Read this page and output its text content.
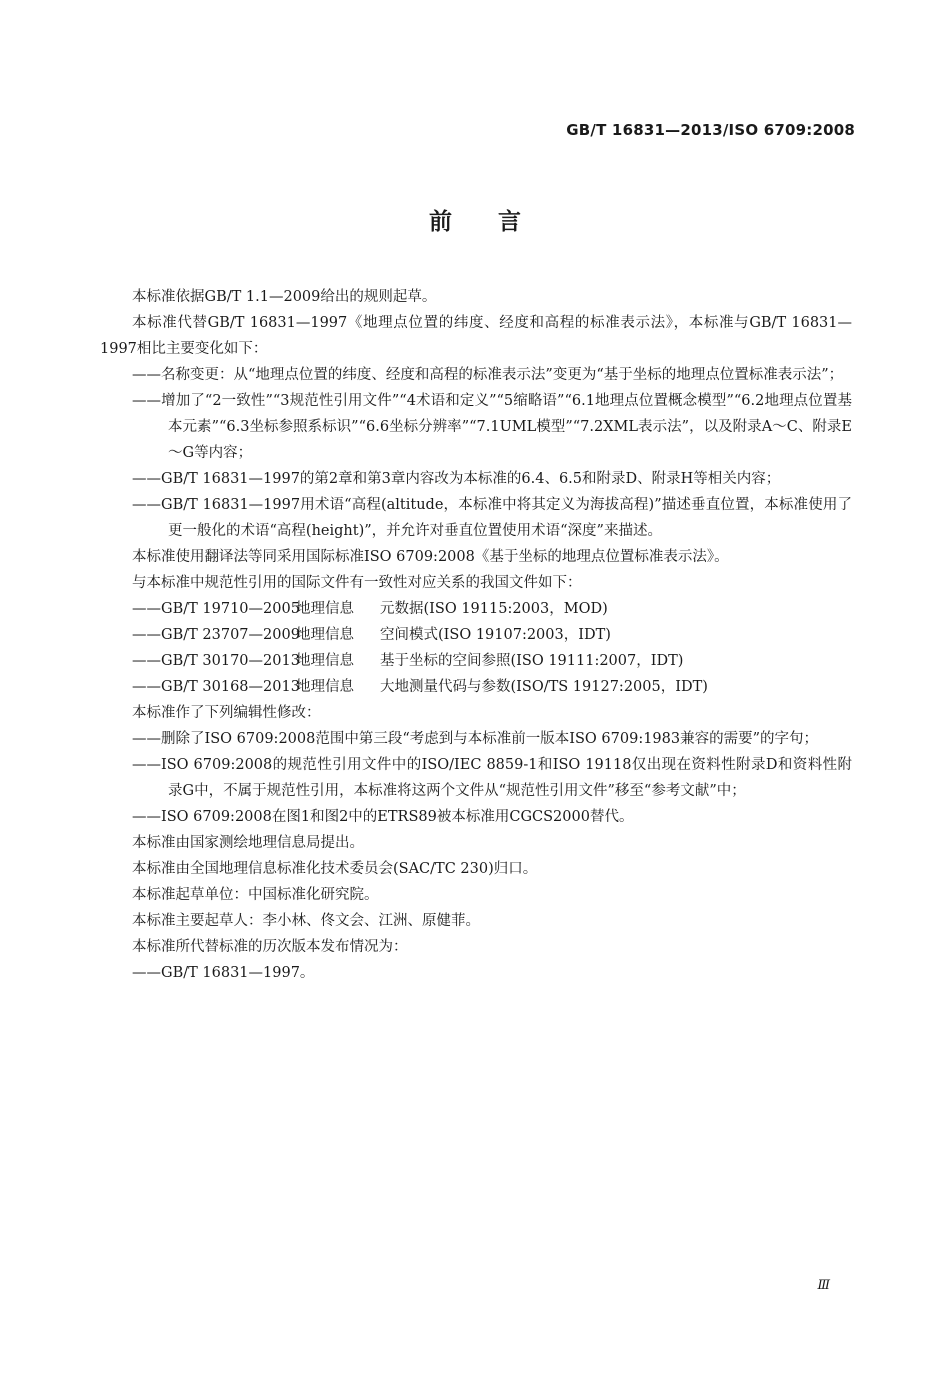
GB/T 16831—2013/ISO 6709:2008
前言

本标准依据GB/T 1.1—2009给出的规则起草。

本标准代替GB/T 16831—1997《地理点位置的纬度、经度和高程的标准表示法》，本标准与GB/T 16831—1997相比主要变化如下：

——名称变更：从“地理点位置的纬度、经度和高程的标准表示法”变更为“基于坐标的地理点位置标准表示法”；

——增加了“2一致性”“3规范性引用文件”“4术语和定义”“5缩略语”“6.1地理点位置概念模型”“6.2地理点位置基本元素”“6.3坐标参照系标识”“6.6坐标分辨率”“7.1UML模型”“7.2XML表示法”，以及附录A～C、附录E～G等内容；

——GB/T 16831—1997的第2章和第3章内容改为本标准的6.4、6.5和附录D、附录H等相关内容；

——GB/T 16831—1997用术语“高程(altitude，本标准中将其定义为海拔高程)”描述垂直位置，本标准使用了更一般化的术语“高程(height)”，并允许对垂直位置使用术语“深度”来描述。

本标准使用翻译法等同采用国际标准ISO 6709:2008《基于坐标的地理点位置标准表示法》。

与本标准中规范性引用的国际文件有一致性对应关系的我国文件如下：

——GB/T 19710—2005地理信息 元数据(ISO 19115:2003，MOD)
——GB/T 23707—2009地理信息 空间模式(ISO 19107:2003，IDT)
——GB/T 30170—2013地理信息 基于坐标的空间参照(ISO 19111:2007，IDT)
——GB/T 30168—2013地理信息 大地测量代码与参数(ISO/TS 19127:2005，IDT)

本标准作了下列编辑性修改：

——删除了ISO 6709:2008范围中第三段“考虑到与本标准前一版本ISO 6709:1983兼容的需要”的字句；

——ISO 6709:2008的规范性引用文件中的ISO/IEC 8859-1和ISO 19118仅出现在资料性附录D和资料性附录G中，不属于规范性引用，本标准将这两个文件从“规范性引用文件”移至“参考文献”中；

——ISO 6709:2008在图1和图2中的ETRS89被本标准用CGCS2000替代。

本标准由国家测绘地理信息局提出。

本标准由全国地理信息标准化技术委员会(SAC/TC 230)归口。

本标准起草单位：中国标准化研究院。

本标准主要起草人：李小林、佟文会、江洲、原健菲。

本标准所代替标准的历次版本发布情况为：

——GB/T 16831—1997。

Ⅲ
